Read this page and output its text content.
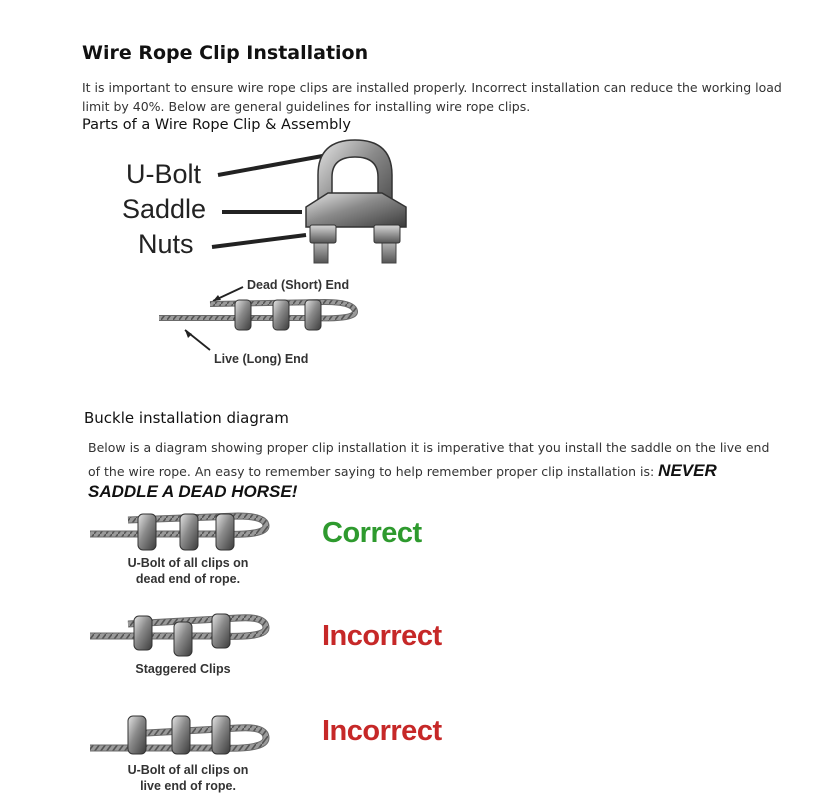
Wire Rope Clip Installation
It is important to ensure wire rope clips are installed properly. Incorrect installation can reduce the working load limit by 40%. Below are general guidelines for installing wire rope clips.
Parts of a Wire Rope Clip & Assembly
U-Bolt
Saddle
Nuts
Dead (Short) End
Live (Long) End
Buckle installation diagram
Below is a diagram showing proper clip installation it is imperative that you install the saddle on the live end of the wire rope. An easy to remember saying to help remember proper clip installation is: NEVER
SADDLE A DEAD HORSE!
U-Bolt of all clips on
dead end of rope.
Correct
Staggered Clips
Incorrect
U-Bolt of all clips on
live end of rope.
Incorrect
